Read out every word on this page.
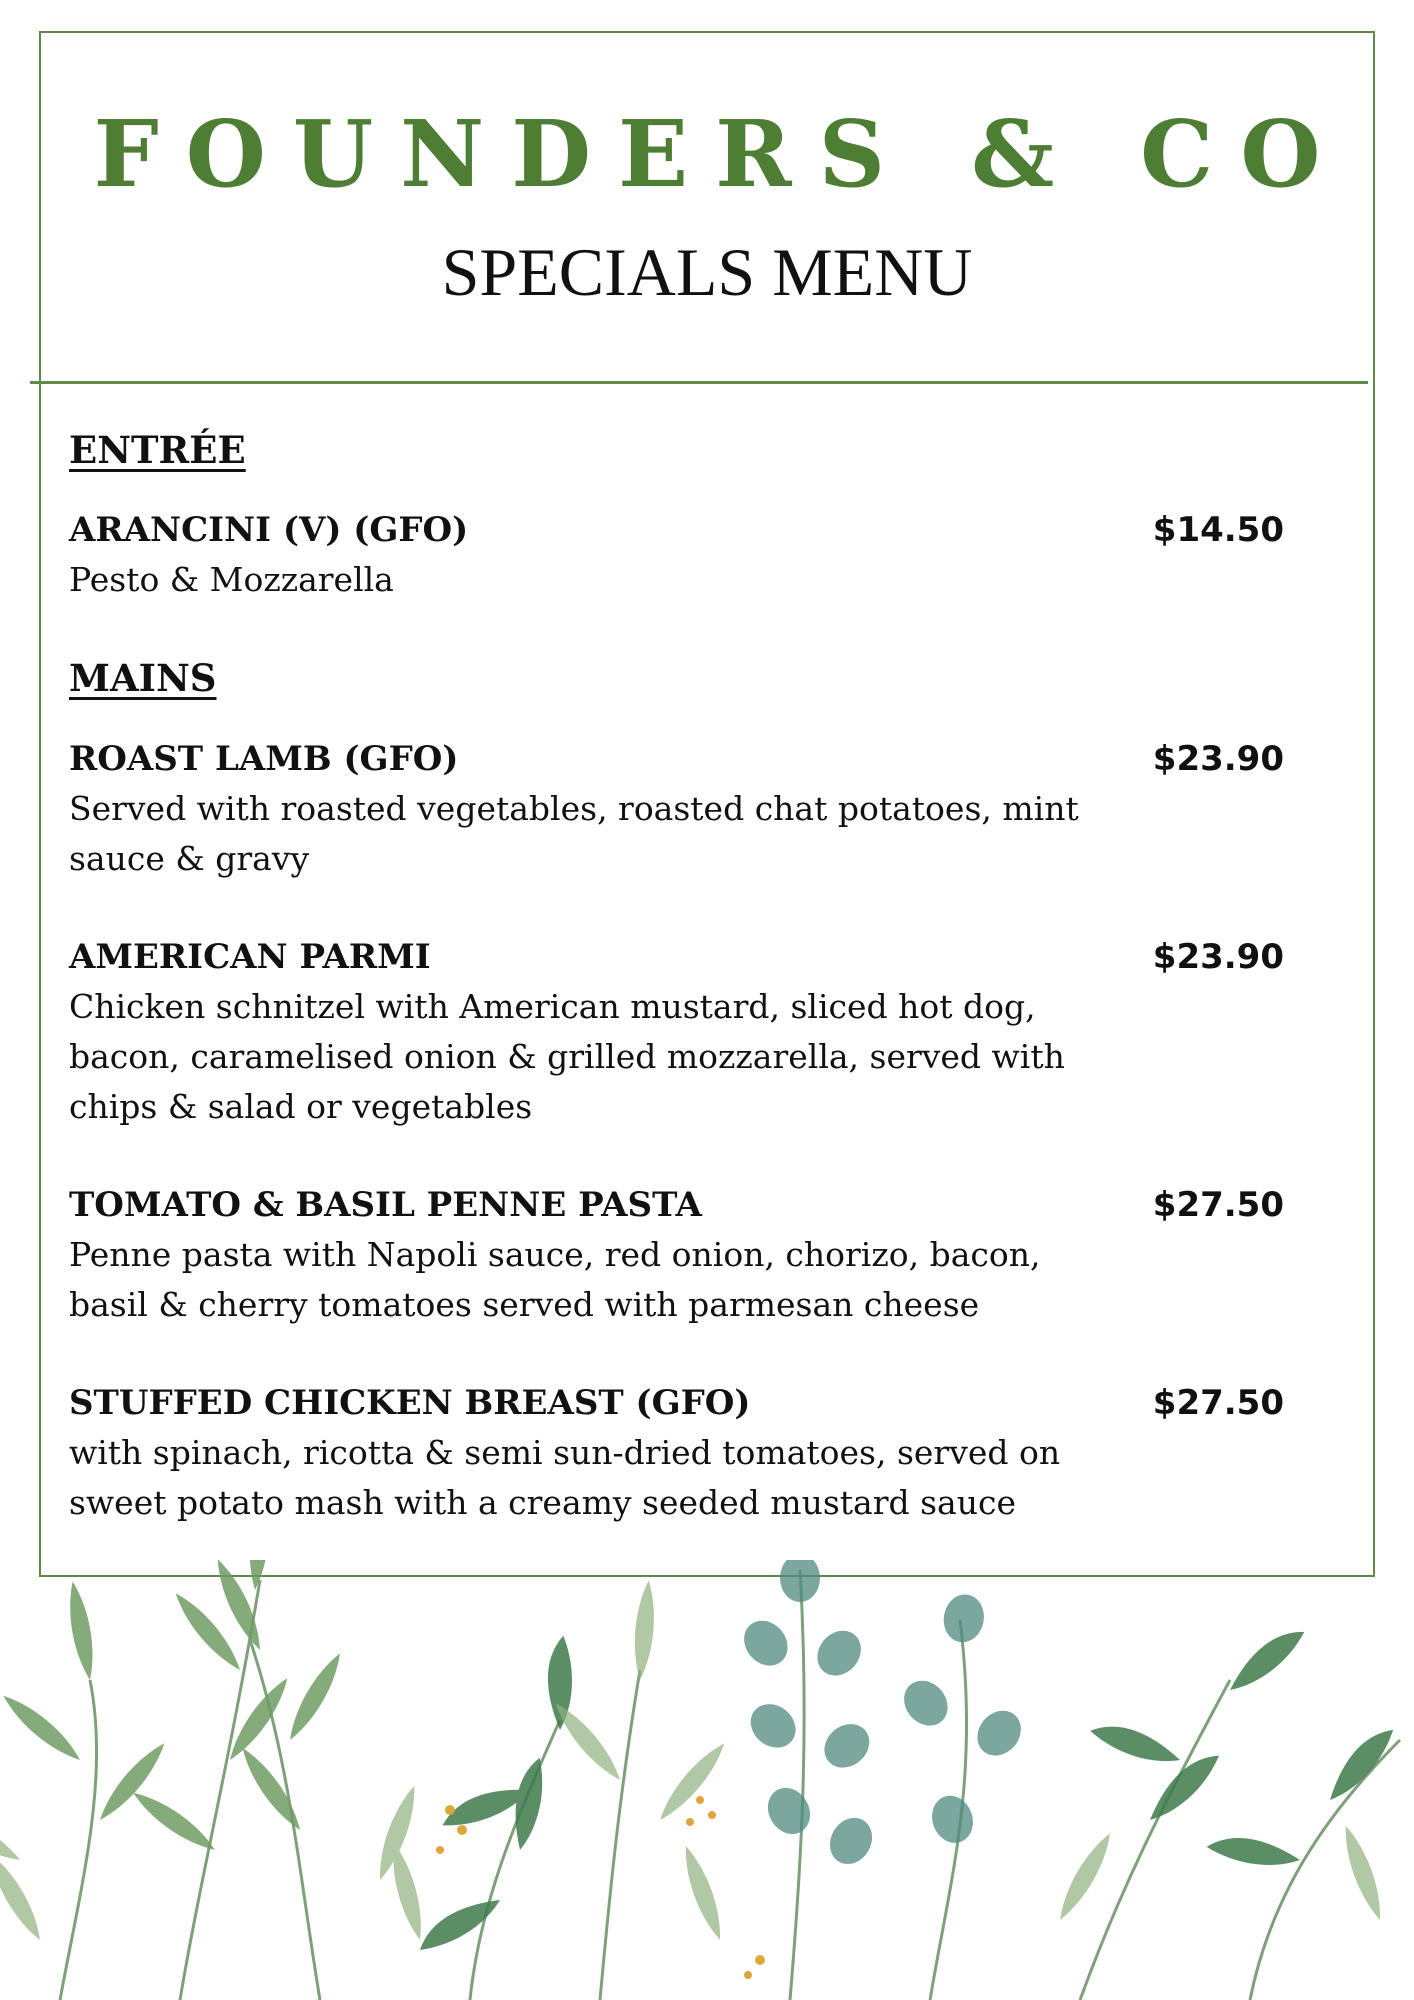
FOUNDERS & CO
SPECIALS MENU
ENTRÉE
ARANCINI (V) (GFO)	$14.50
Pesto & Mozzarella
MAINS
ROAST LAMB (GFO)	$23.90
Served with roasted vegetables, roasted chat potatoes, mint sauce & gravy
AMERICAN PARMI	$23.90
Chicken schnitzel with American mustard, sliced hot dog, bacon, caramelised onion & grilled mozzarella, served with chips & salad or vegetables
TOMATO & BASIL PENNE PASTA	$27.50
Penne pasta with Napoli sauce, red onion, chorizo, bacon, basil & cherry tomatoes served with parmesan cheese
STUFFED CHICKEN BREAST (GFO)	$27.50
with spinach, ricotta & semi sun-dried tomatoes, served on sweet potato mash with a creamy seeded mustard sauce
